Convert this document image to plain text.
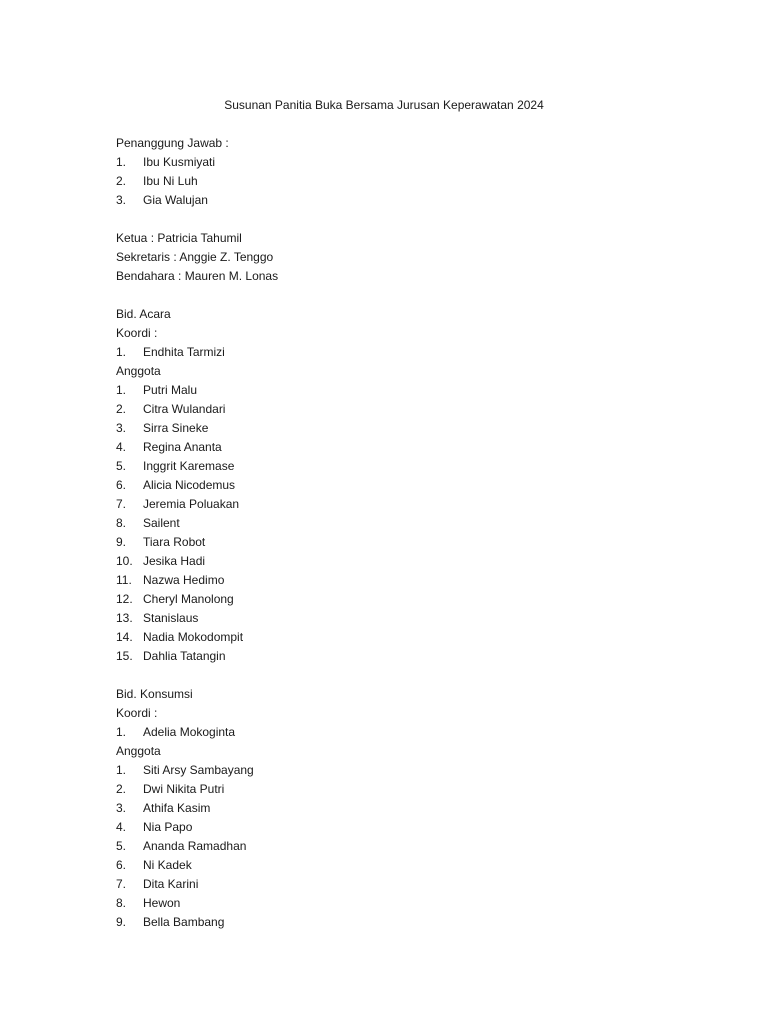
Susunan Panitia Buka Bersama Jurusan Keperawatan 2024
Penanggung Jawab :
1. Ibu Kusmiyati
2. Ibu Ni Luh
3. Gia Walujan
Ketua : Patricia Tahumil
Sekretaris : Anggie Z. Tenggo
Bendahara : Mauren M. Lonas
Bid. Acara
Koordi :
1. Endhita Tarmizi
Anggota
1. Putri Malu
2. Citra Wulandari
3. Sirra Sineke
4. Regina Ananta
5. Inggrit Karemase
6. Alicia Nicodemus
7. Jeremia Poluakan
8. Sailent
9. Tiara Robot
10. Jesika Hadi
11. Nazwa Hedimo
12. Cheryl Manolong
13. Stanislaus
14. Nadia Mokodompit
15. Dahlia Tatangin
Bid. Konsumsi
Koordi :
1. Adelia Mokoginta
Anggota
1. Siti Arsy Sambayang
2. Dwi Nikita Putri
3. Athifa Kasim
4. Nia Papo
5. Ananda Ramadhan
6. Ni Kadek
7. Dita Karini
8. Hewon
9. Bella Bambang
